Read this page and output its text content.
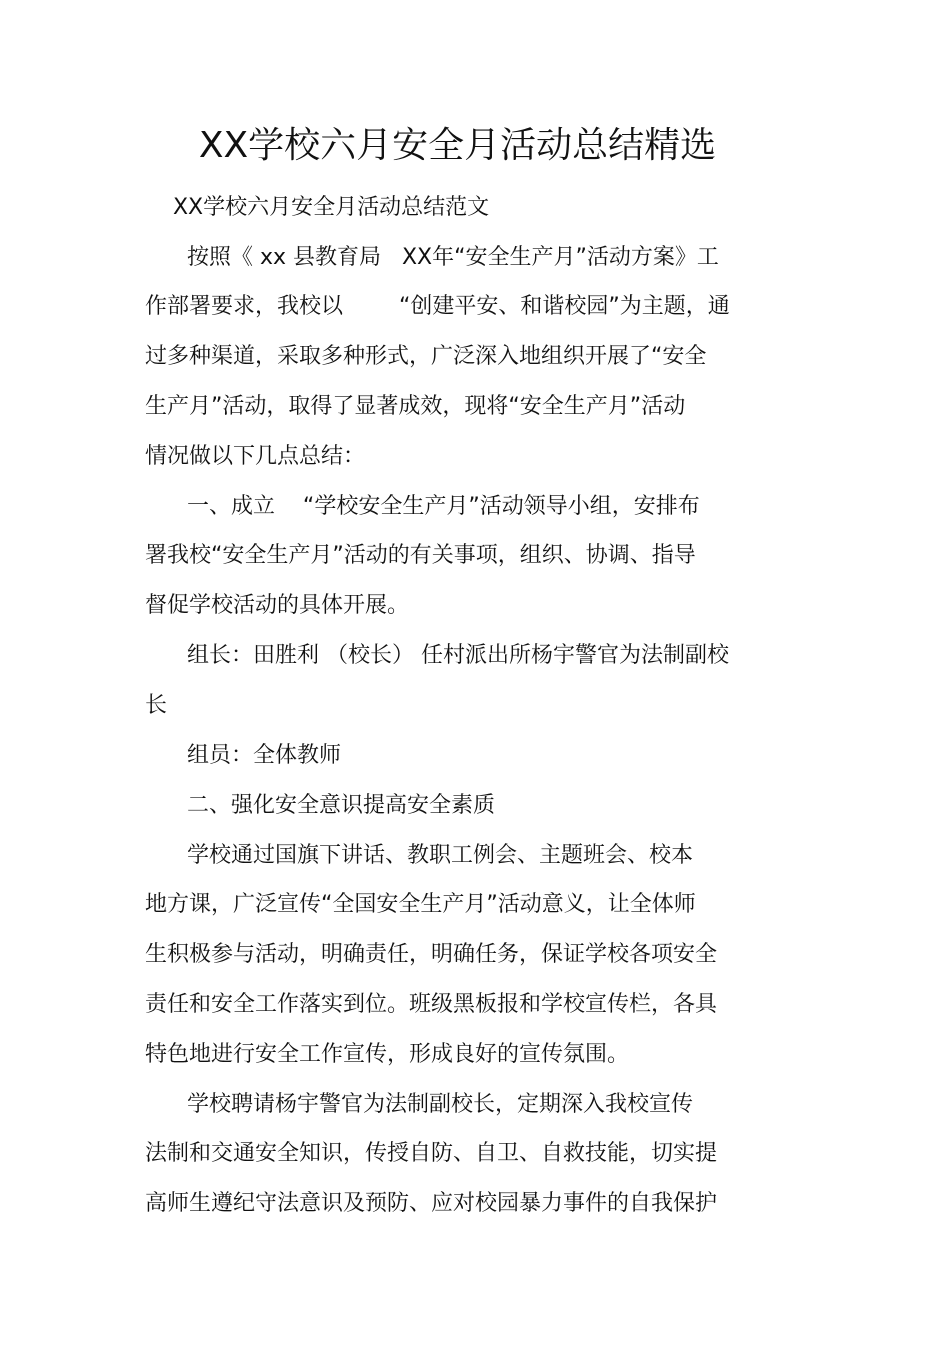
XX学校六月安全月活动总结精选

XX学校六月安全月活动总结范文

按照《 xx 县教育局   XX年“安全生产月”活动方案》工

作部署要求，我校以        “创建平安、和谐校园”为主题，通

过多种渠道，采取多种形式，广泛深入地组织开展了“安全

生产月”活动，取得了显著成效，现将“安全生产月”活动

情况做以下几点总结：

一、成立    “学校安全生产月”活动领导小组，安排布

署我校“安全生产月”活动的有关事项，组织、协调、指导

督促学校活动的具体开展。

组长：田胜利 （校长） 任村派出所杨宇警官为法制副校

长

组员：全体教师

二、强化安全意识提高安全素质

学校通过国旗下讲话、教职工例会、主题班会、校本

地方课，广泛宣传“全国安全生产月”活动意义，让全体师

生积极参与活动，明确责任，明确任务，保证学校各项安全

责任和安全工作落实到位。班级黑板报和学校宣传栏，各具

特色地进行安全工作宣传，形成良好的宣传氛围。

学校聘请杨宇警官为法制副校长，定期深入我校宣传

法制和交通安全知识，传授自防、自卫、自救技能，切实提

高师生遵纪守法意识及预防、应对校园暴力事件的自我保护
